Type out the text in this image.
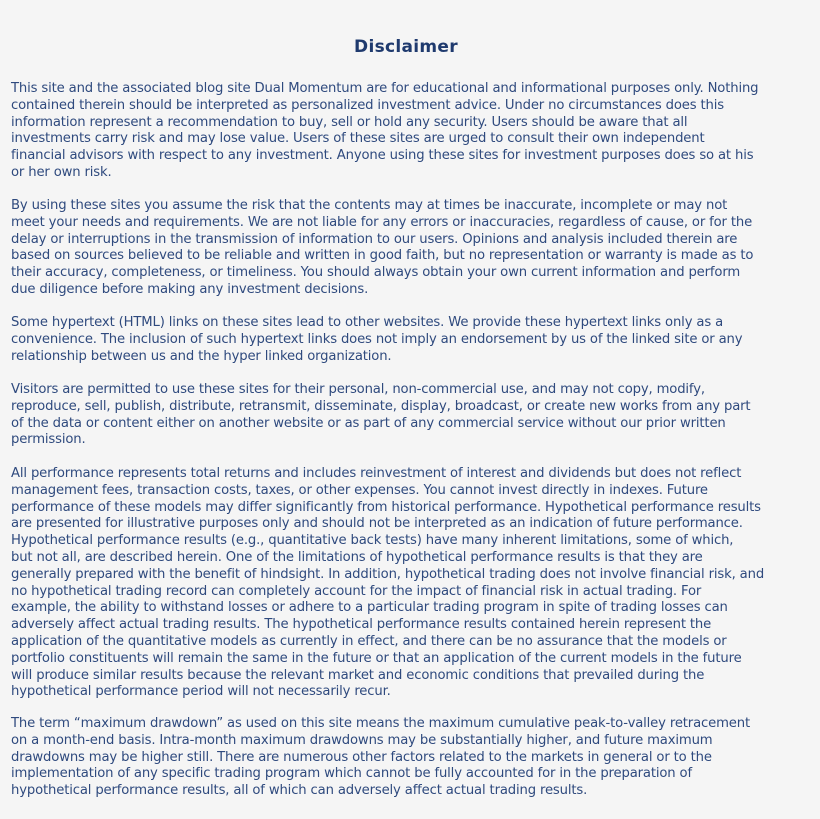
Disclaimer
This site and the associated blog site Dual Momentum are for educational and informational purposes only. Nothing
contained therein should be interpreted as personalized investment advice. Under no circumstances does this
information represent a recommendation to buy, sell or hold any security. Users should be aware that all
investments carry risk and may lose value. Users of these sites are urged to consult their own independent
financial advisors with respect to any investment. Anyone using these sites for investment purposes does so at his
or her own risk.
By using these sites you assume the risk that the contents may at times be inaccurate, incomplete or may not
meet your needs and requirements. We are not liable for any errors or inaccuracies, regardless of cause, or for the
delay or interruptions in the transmission of information to our users. Opinions and analysis included therein are
based on sources believed to be reliable and written in good faith, but no representation or warranty is made as to
their accuracy, completeness, or timeliness. You should always obtain your own current information and perform
due diligence before making any investment decisions.
Some hypertext (HTML) links on these sites lead to other websites. We provide these hypertext links only as a
convenience. The inclusion of such hypertext links does not imply an endorsement by us of the linked site or any
relationship between us and the hyper linked organization.
Visitors are permitted to use these sites for their personal, non-commercial use, and may not copy, modify,
reproduce, sell, publish, distribute, retransmit, disseminate, display, broadcast, or create new works from any part
of the data or content either on another website or as part of any commercial service without our prior written
permission.
All performance represents total returns and includes reinvestment of interest and dividends but does not reflect
management fees, transaction costs, taxes, or other expenses. You cannot invest directly in indexes. Future
performance of these models may differ significantly from historical performance. Hypothetical performance results
are presented for illustrative purposes only and should not be interpreted as an indication of future performance.
Hypothetical performance results (e.g., quantitative back tests) have many inherent limitations, some of which,
but not all, are described herein. One of the limitations of hypothetical performance results is that they are
generally prepared with the benefit of hindsight. In addition, hypothetical trading does not involve financial risk, and
no hypothetical trading record can completely account for the impact of financial risk in actual trading. For
example, the ability to withstand losses or adhere to a particular trading program in spite of trading losses can
adversely affect actual trading results. The hypothetical performance results contained herein represent the
application of the quantitative models as currently in effect, and there can be no assurance that the models or
portfolio constituents will remain the same in the future or that an application of the current models in the future
will produce similar results because the relevant market and economic conditions that prevailed during the
hypothetical performance period will not necessarily recur.
The term “maximum drawdown” as used on this site means the maximum cumulative peak-to-valley retracement
on a month-end basis. Intra-month maximum drawdowns may be substantially higher, and future maximum
drawdowns may be higher still. There are numerous other factors related to the markets in general or to the
implementation of any specific trading program which cannot be fully accounted for in the preparation of
hypothetical performance results, all of which can adversely affect actual trading results.
